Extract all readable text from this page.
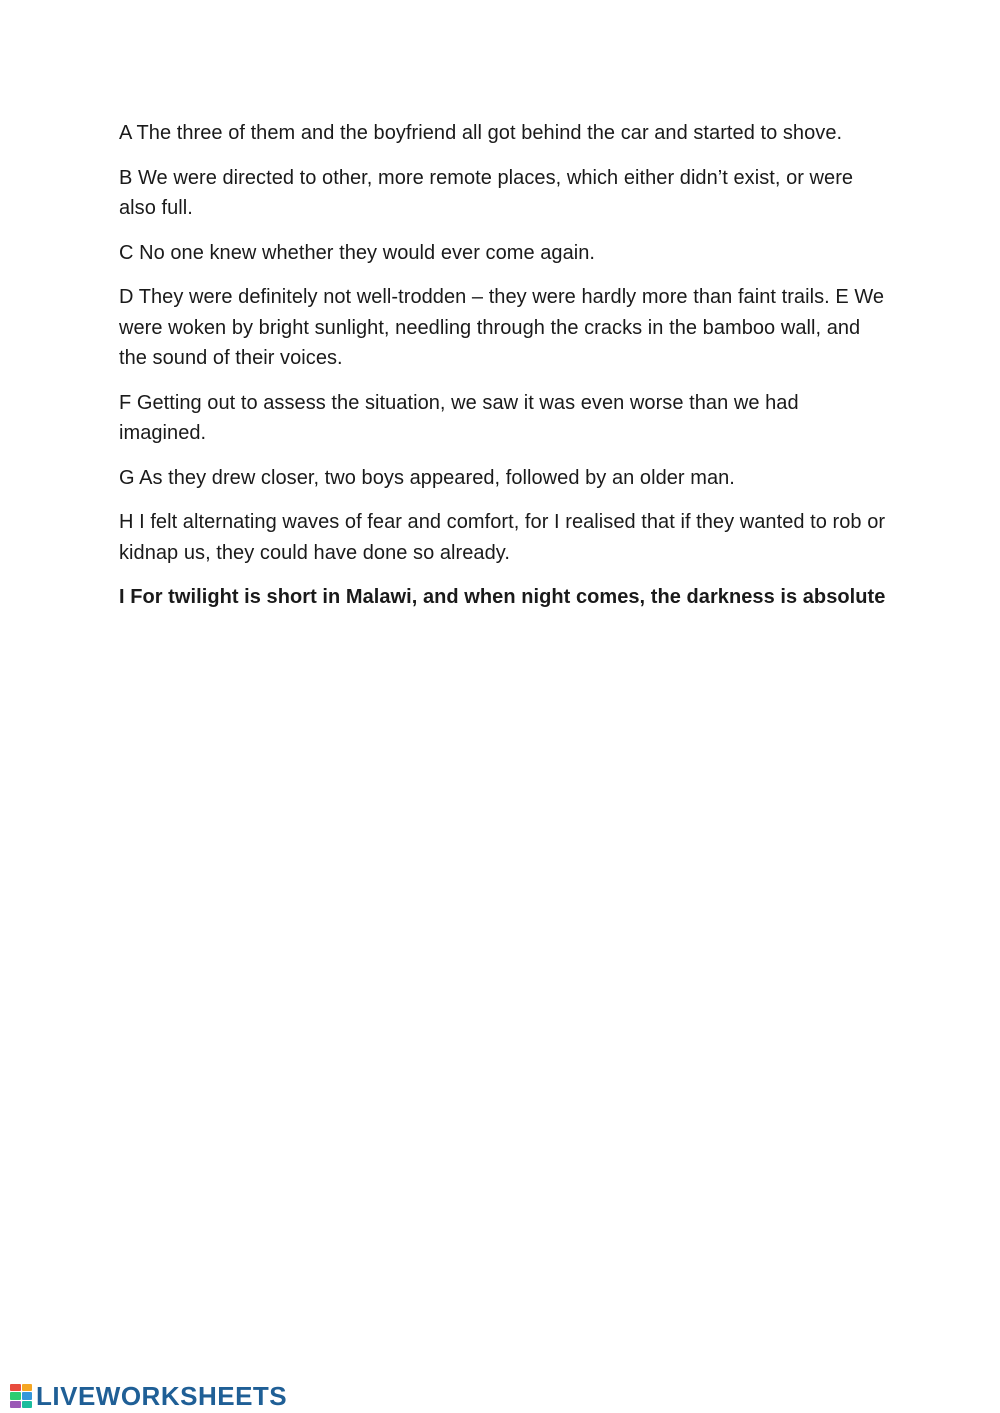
A The three of them and the boyfriend all got behind the car and started to shove.

B We were directed to other, more remote places, which either didn’t exist, or were also full.

C No one knew whether they would ever come again.

D They were definitely not well-trodden – they were hardly more than faint trails. E We were woken by bright sunlight, needling through the cracks in the bamboo wall, and the sound of their voices.

F Getting out to assess the situation, we saw it was even worse than we had imagined.

G As they drew closer, two boys appeared, followed by an older man.

H I felt alternating waves of fear and comfort, for I realised that if they wanted to rob or kidnap us, they could have done so already.

I For twilight is short in Malawi, and when night comes, the darkness is absolute

LIVEWORKSHEETS
